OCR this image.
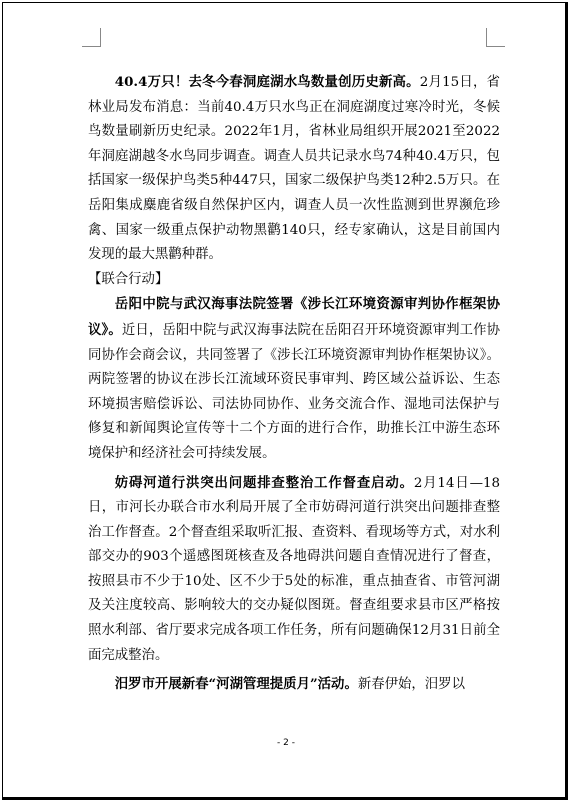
40.4万只！去冬今春洞庭湖水鸟数量创历史新高。2月15日，省林业局发布消息：当前40.4万只水鸟正在洞庭湖度过寒冷时光，冬候鸟数量刷新历史纪录。2022年1月，省林业局组织开展2021至2022年洞庭湖越冬水鸟同步调查。调查人员共记录水鸟74种40.4万只，包括国家一级保护鸟类5种447只，国家二级保护鸟类12种2.5万只。在岳阳集成麋鹿省级自然保护区内，调查人员一次性监测到世界濒危珍禽、国家一级重点保护动物黑鹳140只，经专家确认，这是目前国内发现的最大黑鹳种群。

【联合行动】

岳阳中院与武汉海事法院签署《涉长江环境资源审判协作框架协议》。近日，岳阳中院与武汉海事法院在岳阳召开环境资源审判工作协同协作会商会议，共同签署了《涉长江环境资源审判协作框架协议》。两院签署的协议在涉长江流域环资民事审判、跨区域公益诉讼、生态环境损害赔偿诉讼、司法协同协作、业务交流合作、湿地司法保护与修复和新闻舆论宣传等十二个方面的进行合作，助推长江中游生态环境保护和经济社会可持续发展。

妨碍河道行洪突出问题排查整治工作督查启动。2月14日—18日，市河长办联合市水利局开展了全市妨碍河道行洪突出问题排查整治工作督查。2个督查组采取听汇报、查资料、看现场等方式，对水利部交办的903个遥感图斑核查及各地碍洪问题自查情况进行了督查，按照县市不少于10处、区不少于5处的标准，重点抽查省、市管河湖及关注度较高、影响较大的交办疑似图斑。督查组要求县市区严格按照水利部、省厅要求完成各项工作任务，所有问题确保12月31日前全面完成整治。

汨罗市开展新春“河湖管理提质月”活动。新春伊始，汨罗以

- 2 -
